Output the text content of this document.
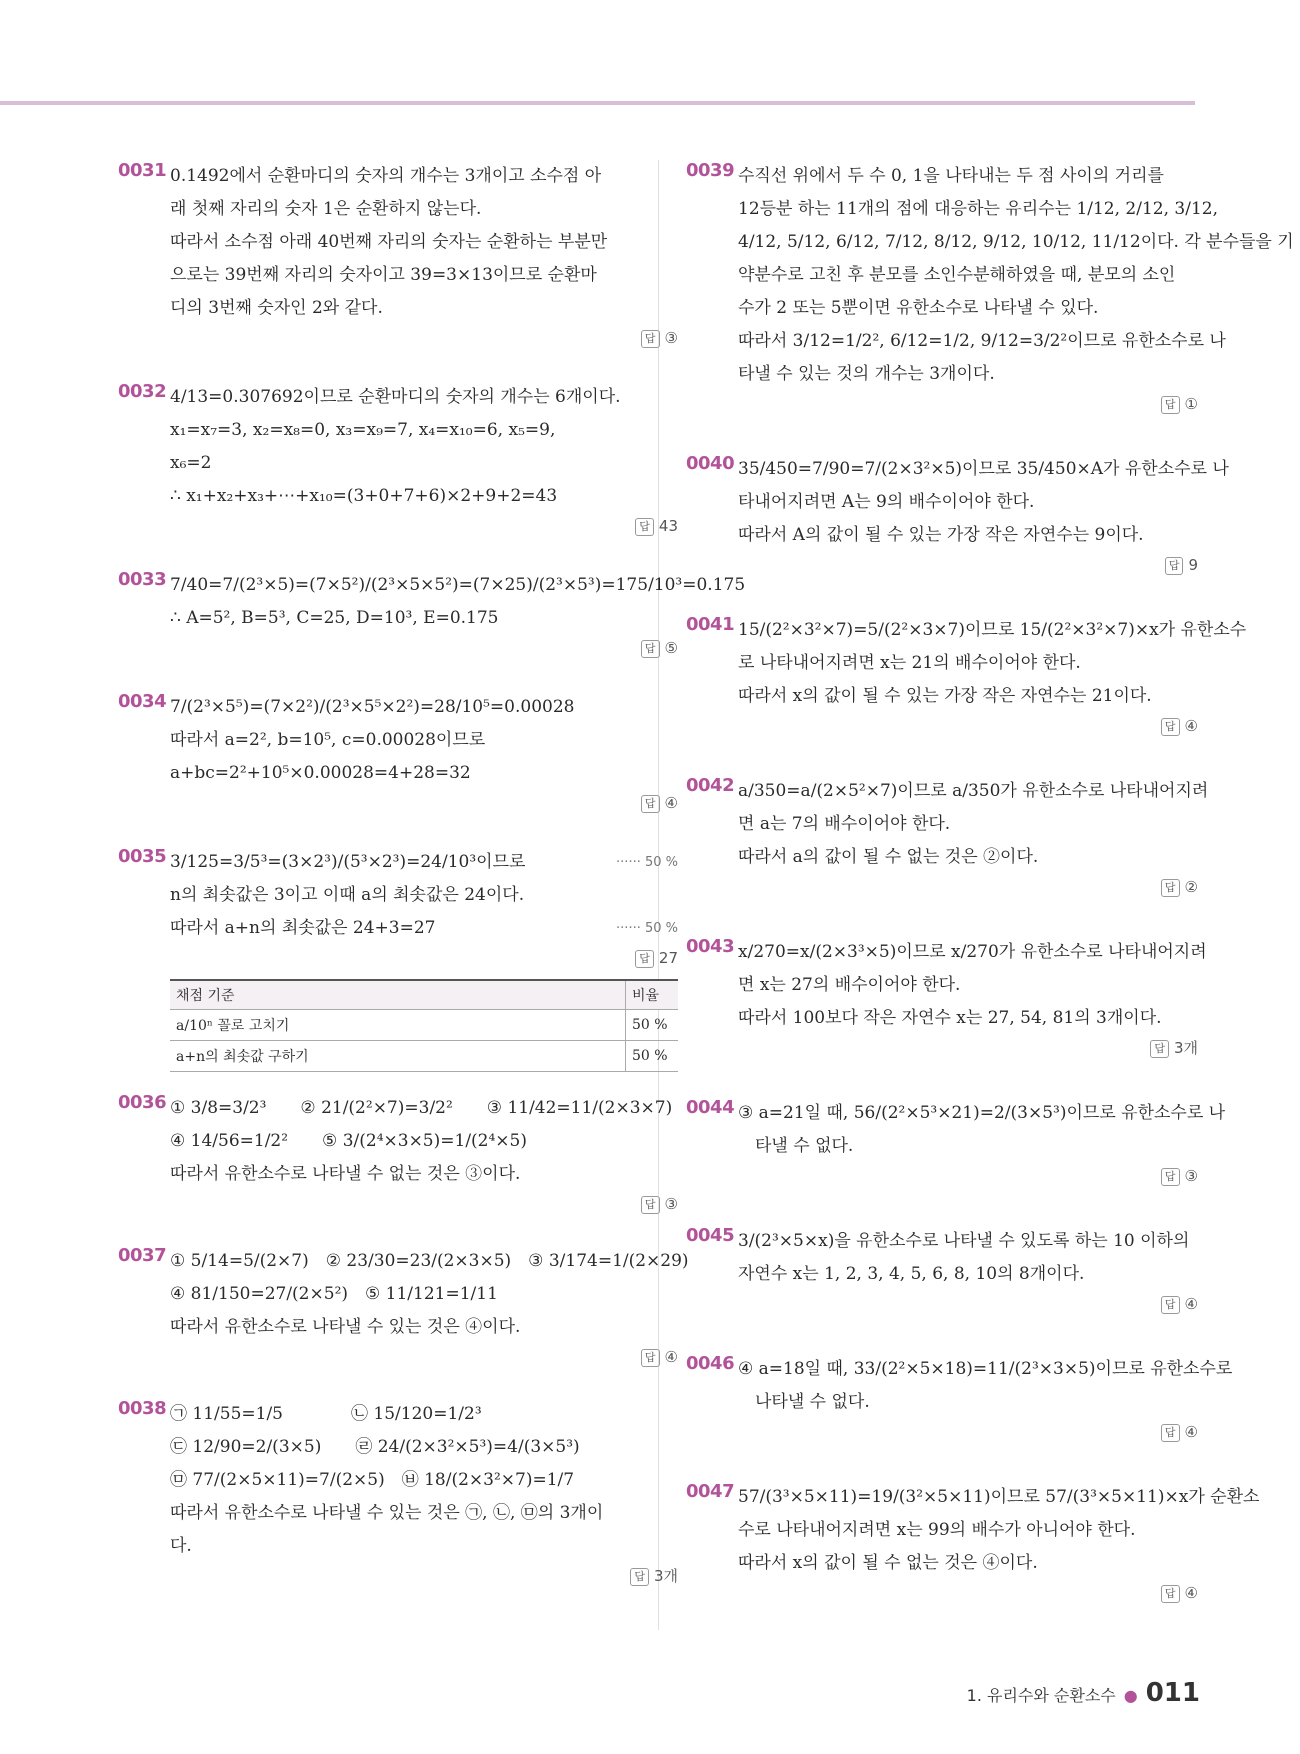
0031 0.1492에서 순환마디의 숫자의 개수는 3개이고 소수점 아
래 첫째 자리의 숫자 1은 순환하지 않는다.
따라서 소수점 아래 40번째 자리의 숫자는 순환하는 부분만
으로는 39번째 자리의 숫자이고 39=3×13이므로 순환마
디의 3번째 숫자인 2와 같다.
답 ③
0032 4/13=0.307692이므로 순환마디의 숫자의 개수는 6개이다.
x₁=x₇=3, x₂=x₈=0, x₃=x₉=7, x₄=x₁₀=6, x₅=9,
x₆=2
∴ x₁+x₂+x₃+⋯+x₁₀=(3+0+7+6)×2+9+2=43
답 43
0033 7/40=7/(2³×5)=(7×5²)/(2³×5×5²)=(7×25)/(2³×5³)=175/10³=0.175
∴ A=5², B=5³, C=25, D=10³, E=0.175
답 ⑤
0034 7/(2³×5⁵)=(7×2²)/(2³×5⁵×2²)=28/10⁵=0.00028
따라서 a=2², b=10⁵, c=0.00028이므로
a+bc=2²+10⁵×0.00028=4+28=32
답 ④
0035 3/125=3/5³=(3×2³)/(5³×2³)=24/10³이므로	······ 50 %
n의 최솟값은 3이고 이때 a의 최솟값은 24이다.
따라서 a+n의 최솟값은 24+3=27	······ 50 %
답 27
채점 기준	비율
a/10ⁿ 꼴로 고치기	50 %
a+n의 최솟값 구하기	50 %
0036 ① 3/8=3/2³　　② 21/(2²×7)=3/2²　　③ 11/42=11/(2×3×7)
④ 14/56=1/2²　　⑤ 3/(2⁴×3×5)=1/(2⁴×5)
따라서 유한소수로 나타낼 수 없는 것은 ③이다.
답 ③
0037 ① 5/14=5/(2×7)　② 23/30=23/(2×3×5)　③ 3/174=1/(2×29)
④ 81/150=27/(2×5²)　⑤ 11/121=1/11
따라서 유한소수로 나타낼 수 있는 것은 ④이다.
답 ④
0038 ㉠ 11/55=1/5　　　　㉡ 15/120=1/2³
㉢ 12/90=2/(3×5)　　㉣ 24/(2×3²×5³)=4/(3×5³)
㉤ 77/(2×5×11)=7/(2×5)　㉥ 18/(2×3²×7)=1/7
따라서 유한소수로 나타낼 수 있는 것은 ㉠, ㉡, ㉤의 3개이
다.
답 3개
0039 수직선 위에서 두 수 0, 1을 나타내는 두 점 사이의 거리를
12등분 하는 11개의 점에 대응하는 유리수는 1/12, 2/12, 3/12,
4/12, 5/12, 6/12, 7/12, 8/12, 9/12, 10/12, 11/12이다. 각 분수들을 기
약분수로 고친 후 분모를 소인수분해하였을 때, 분모의 소인
수가 2 또는 5뿐이면 유한소수로 나타낼 수 있다.
따라서 3/12=1/2², 6/12=1/2, 9/12=3/2²이므로 유한소수로 나
타낼 수 있는 것의 개수는 3개이다.
답 ①
0040 35/450=7/90=7/(2×3²×5)이므로 35/450×A가 유한소수로 나
타내어지려면 A는 9의 배수이어야 한다.
따라서 A의 값이 될 수 있는 가장 작은 자연수는 9이다.
답 9
0041 15/(2²×3²×7)=5/(2²×3×7)이므로 15/(2²×3²×7)×x가 유한소수
로 나타내어지려면 x는 21의 배수이어야 한다.
따라서 x의 값이 될 수 있는 가장 작은 자연수는 21이다.
답 ④
0042 a/350=a/(2×5²×7)이므로 a/350가 유한소수로 나타내어지려
면 a는 7의 배수이어야 한다.
따라서 a의 값이 될 수 없는 것은 ②이다.
답 ②
0043 x/270=x/(2×3³×5)이므로 x/270가 유한소수로 나타내어지려
면 x는 27의 배수이어야 한다.
따라서 100보다 작은 자연수 x는 27, 54, 81의 3개이다.
답 3개
0044 ③ a=21일 때, 56/(2²×5³×21)=2/(3×5³)이므로 유한소수로 나
　타낼 수 없다.
답 ③
0045 3/(2³×5×x)을 유한소수로 나타낼 수 있도록 하는 10 이하의
자연수 x는 1, 2, 3, 4, 5, 6, 8, 10의 8개이다.
답 ④
0046 ④ a=18일 때, 33/(2²×5×18)=11/(2³×3×5)이므로 유한소수로
　나타낼 수 없다.
답 ④
0047 57/(3³×5×11)=19/(3²×5×11)이므로 57/(3³×5×11)×x가 순환소
수로 나타내어지려면 x는 99의 배수가 아니어야 한다.
따라서 x의 값이 될 수 없는 것은 ④이다.
답 ④
1. 유리수와 순환소수 ● 011
